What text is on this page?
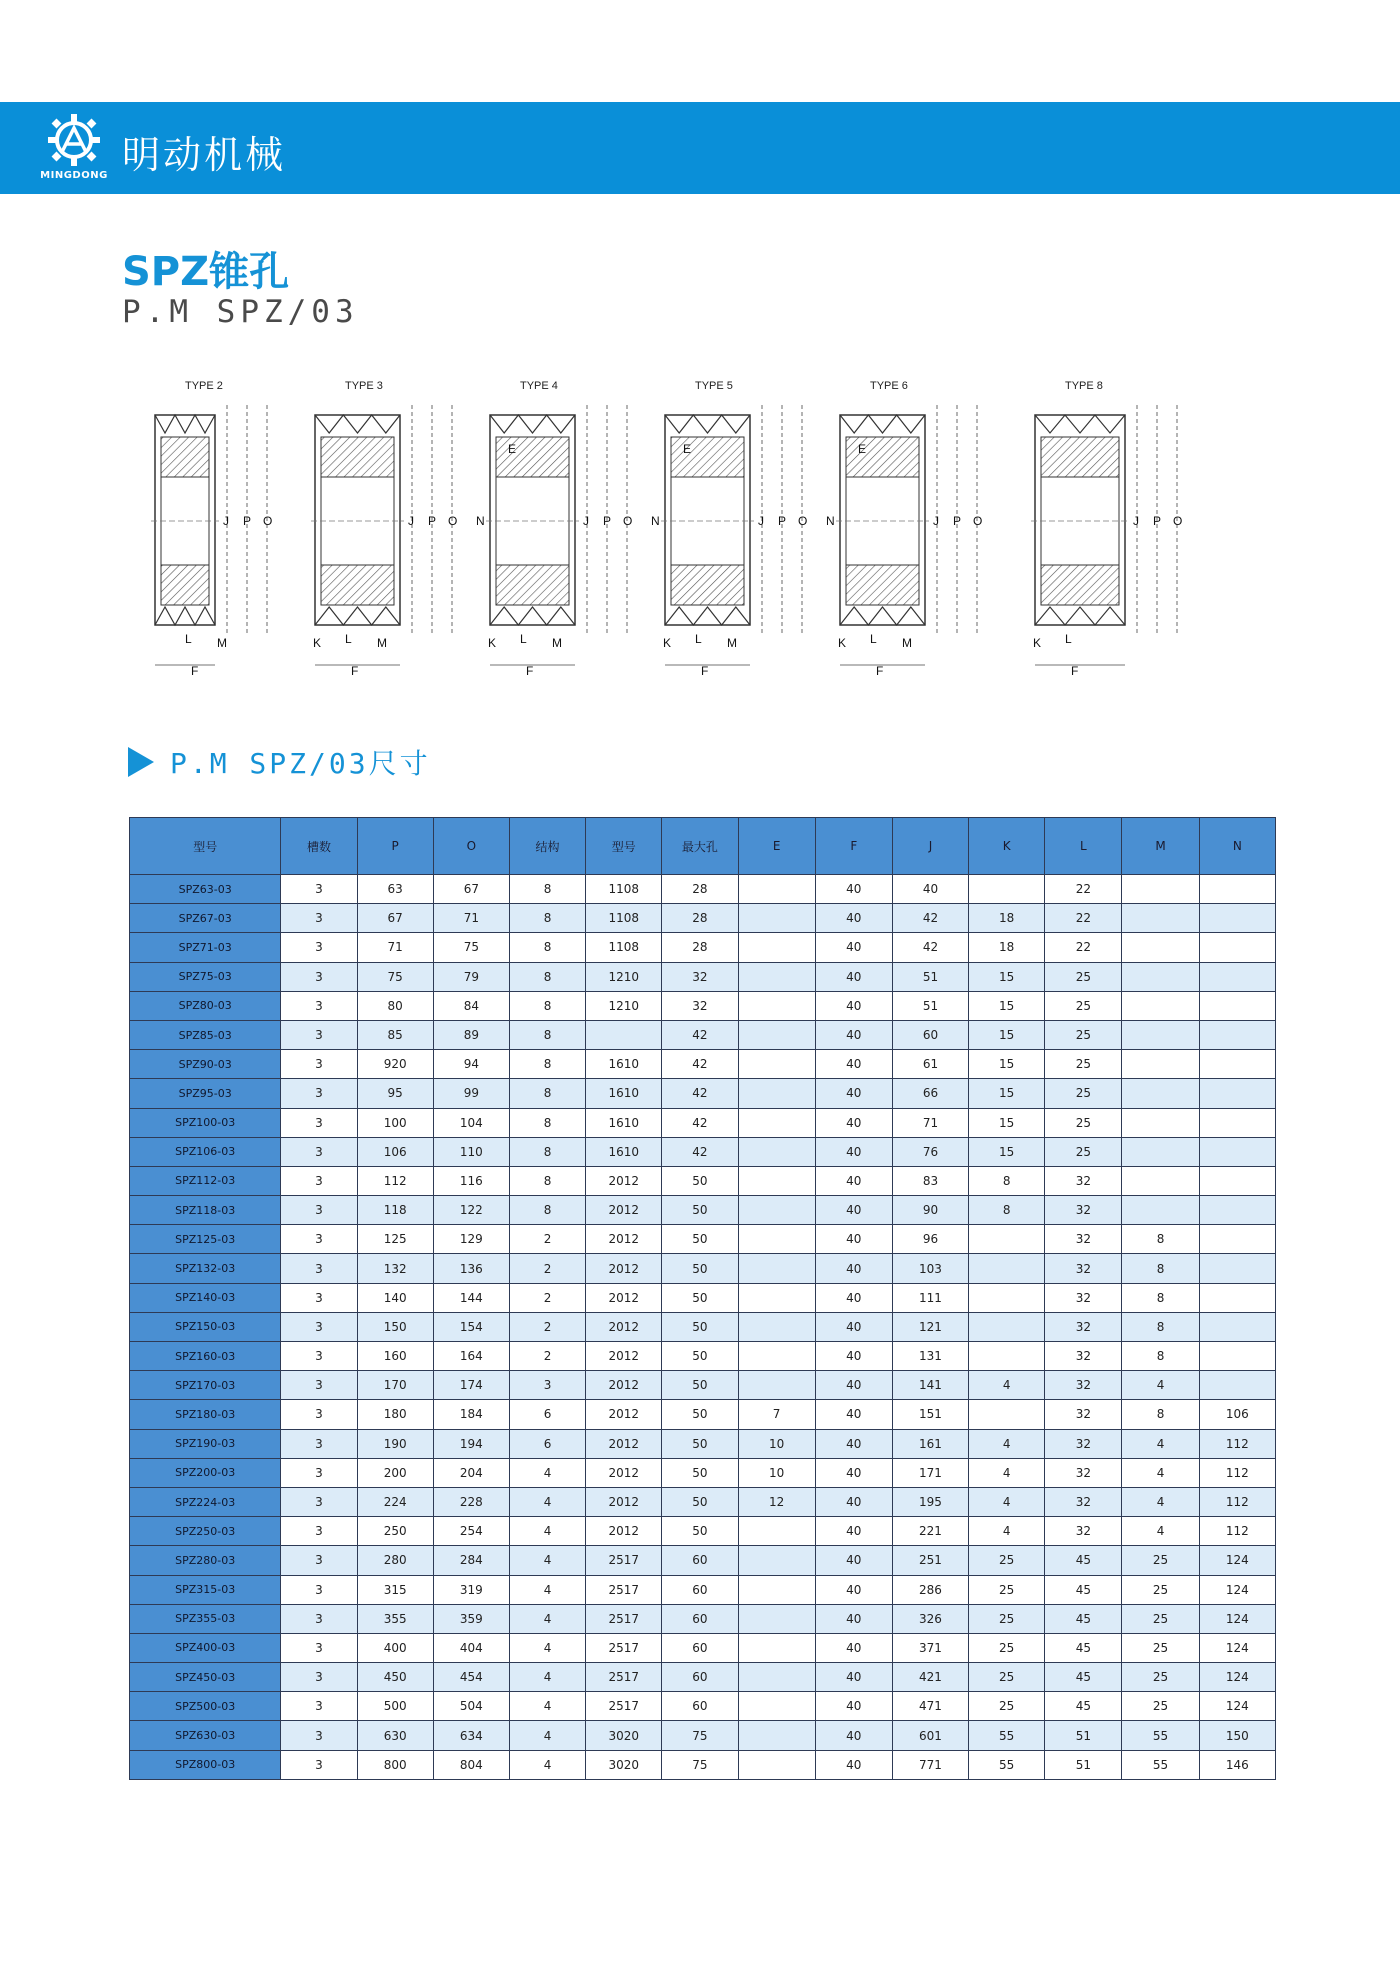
MINGDONG 明动机械
SPZ锥孔
P.M SPZ/03
TYPE 2
J P O
L M
F
TYPE 3
J P O
K L M
F
TYPE 4
E
N	J P O
K	M
F
L
TYPE 5
E
N	J P O
K L M
F
TYPE 6
E
N	J P O
L
K	M
F
TYPE 8
J P O
K L
F
P.M SPZ/03尺寸
型号	槽数	P	O	结构	型号	最大孔	E	F	J	K	L	M	N
SPZ63-03	3	63	67	8	1108	28		40	40		22		
SPZ67-03	3	67	71	8	1108	28		40	42	18	22		
SPZ71-03	3	71	75	8	1108	28		40	42	18	22		
SPZ75-03	3	75	79	8	1210	32		40	51	15	25		
SPZ80-03	3	80	84	8	1210	32		40	51	15	25		
SPZ85-03	3	85	89	8		42		40	60	15	25		
SPZ90-03	3	920	94	8	1610	42		40	61	15	25		
SPZ95-03	3	95	99	8	1610	42		40	66	15	25		
SPZ100-03	3	100	104	8	1610	42		40	71	15	25		
SPZ106-03	3	106	110	8	1610	42		40	76	15	25		
SPZ112-03	3	112	116	8	2012	50		40	83	8	32		
SPZ118-03	3	118	122	8	2012	50		40	90	8	32		
SPZ125-03	3	125	129	2	2012	50		40	96		32	8	
SPZ132-03	3	132	136	2	2012	50		40	103		32	8	
SPZ140-03	3	140	144	2	2012	50		40	111		32	8	
SPZ150-03	3	150	154	2	2012	50		40	121		32	8	
SPZ160-03	3	160	164	2	2012	50		40	131		32	8	
SPZ170-03	3	170	174	3	2012	50		40	141	4	32	4	
SPZ180-03	3	180	184	6	2012	50	7	40	151		32	8	106
SPZ190-03	3	190	194	6	2012	50	10	40	161	4	32	4	112
SPZ200-03	3	200	204	4	2012	50	10	40	171	4	32	4	112
SPZ224-03	3	224	228	4	2012	50	12	40	195	4	32	4	112
SPZ250-03	3	250	254	4	2012	50		40	221	4	32	4	112
SPZ280-03	3	280	284	4	2517	60		40	251	25	45	25	124
SPZ315-03	3	315	319	4	2517	60		40	286	25	45	25	124
SPZ355-03	3	355	359	4	2517	60		40	326	25	45	25	124
SPZ400-03	3	400	404	4	2517	60		40	371	25	45	25	124
SPZ450-03	3	450	454	4	2517	60		40	421	25	45	25	124
SPZ500-03	3	500	504	4	2517	60		40	471	25	45	25	124
SPZ630-03	3	630	634	4	3020	75		40	601	55	51	55	150
SPZ800-03	3	800	804	4	3020	75		40	771	55	51	55	146
